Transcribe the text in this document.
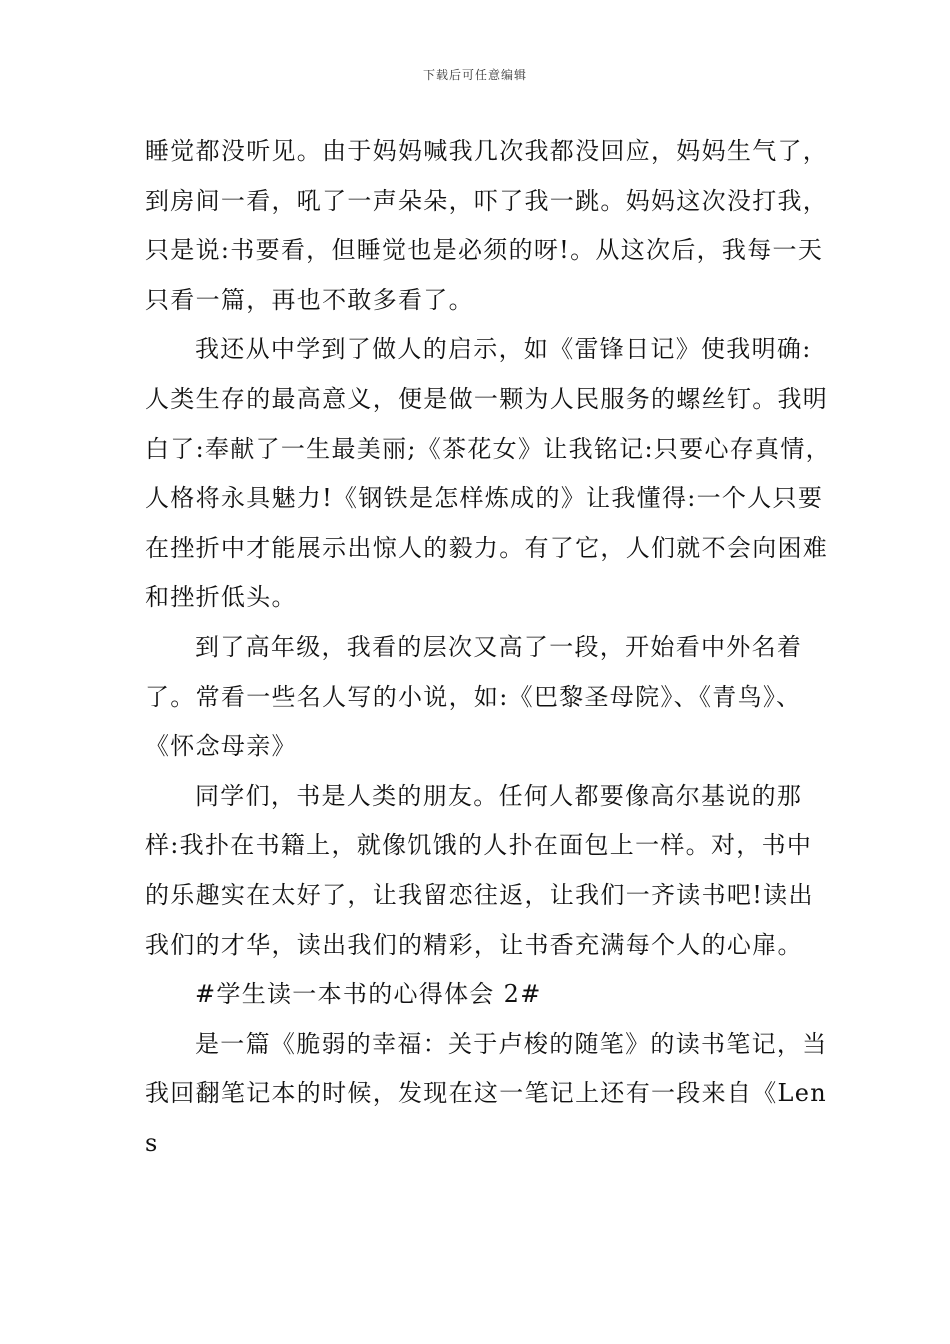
下载后可任意编辑

睡觉都没听见。由于妈妈喊我几次我都没回应，妈妈生气了，到房间一看，吼了一声朵朵，吓了我一跳。妈妈这次没打我，只是说:书要看，但睡觉也是必须的呀!。从这次后，我每一天只看一篇，再也不敢多看了。

我还从中学到了做人的启示，如《雷锋日记》使我明确:人类生存的最高意义，便是做一颗为人民服务的螺丝钉。我明白了:奉献了一生最美丽;《茶花女》让我铭记:只要心存真情，人格将永具魅力!《钢铁是怎样炼成的》让我懂得:一个人只要在挫折中才能展示出惊人的毅力。有了它，人们就不会向困难和挫折低头。

到了高年级，我看的层次又高了一段，开始看中外名着了。常看一些名人写的小说，如:《巴黎圣母院》、《青鸟》、《怀念母亲》

同学们，书是人类的朋友。任何人都要像高尔基说的那样:我扑在书籍上，就像饥饿的人扑在面包上一样。对，书中的乐趣实在太好了，让我留恋往返，让我们一齐读书吧!读出我们的才华，读出我们的精彩，让书香充满每个人的心扉。

#学生读一本书的心得体会 2#

是一篇《脆弱的幸福：关于卢梭的随笔》的读书笔记，当我回翻笔记本的时候，发现在这一笔记上还有一段来自《Lens
